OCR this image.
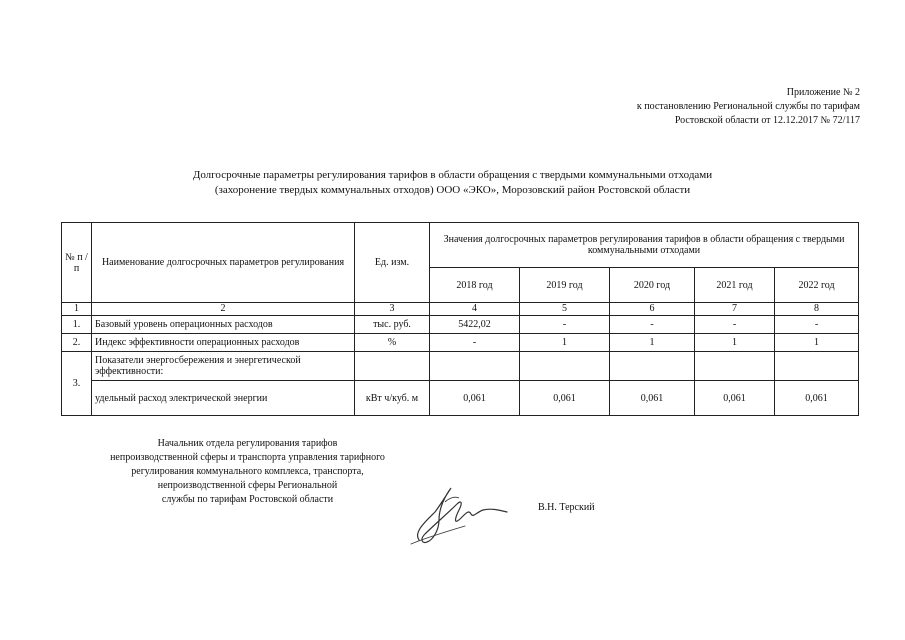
Приложение № 2
к постановлению Региональной службы по тарифам
Ростовской области от 12.12.2017 № 72/117
Долгосрочные параметры регулирования тарифов в области обращения с твердыми коммунальными отходами
(захоронение твердых коммунальных отходов) ООО «ЭКО», Морозовский район Ростовской области
№ п /п	Наименование долгосрочных параметров регулирования	Ед. изм.	Значения долгосрочных параметров регулирования тарифов в области обращения с твердыми коммунальными отходами				
			2018 год	2019 год	2020 год	2021 год	2022 год
1	2	3	4	5	6	7	8
1.	Базовый уровень операционных расходов	тыс. руб.	5422,02	-	-	-	-
2.	Индекс эффективности операционных расходов	%	-	1	1	1	1
3.	Показатели энергосбережения и энергетической эффективности:						
	удельный расход электрической энергии	кВт ч/куб. м	0,061	0,061	0,061	0,061	0,061
Начальник отдела регулирования тарифов
непроизводственной сферы и транспорта управления тарифного
регулирования коммунального комплекса, транспорта,
непроизводственной сферы Региональной
службы по тарифам Ростовской области
В.Н. Терский
